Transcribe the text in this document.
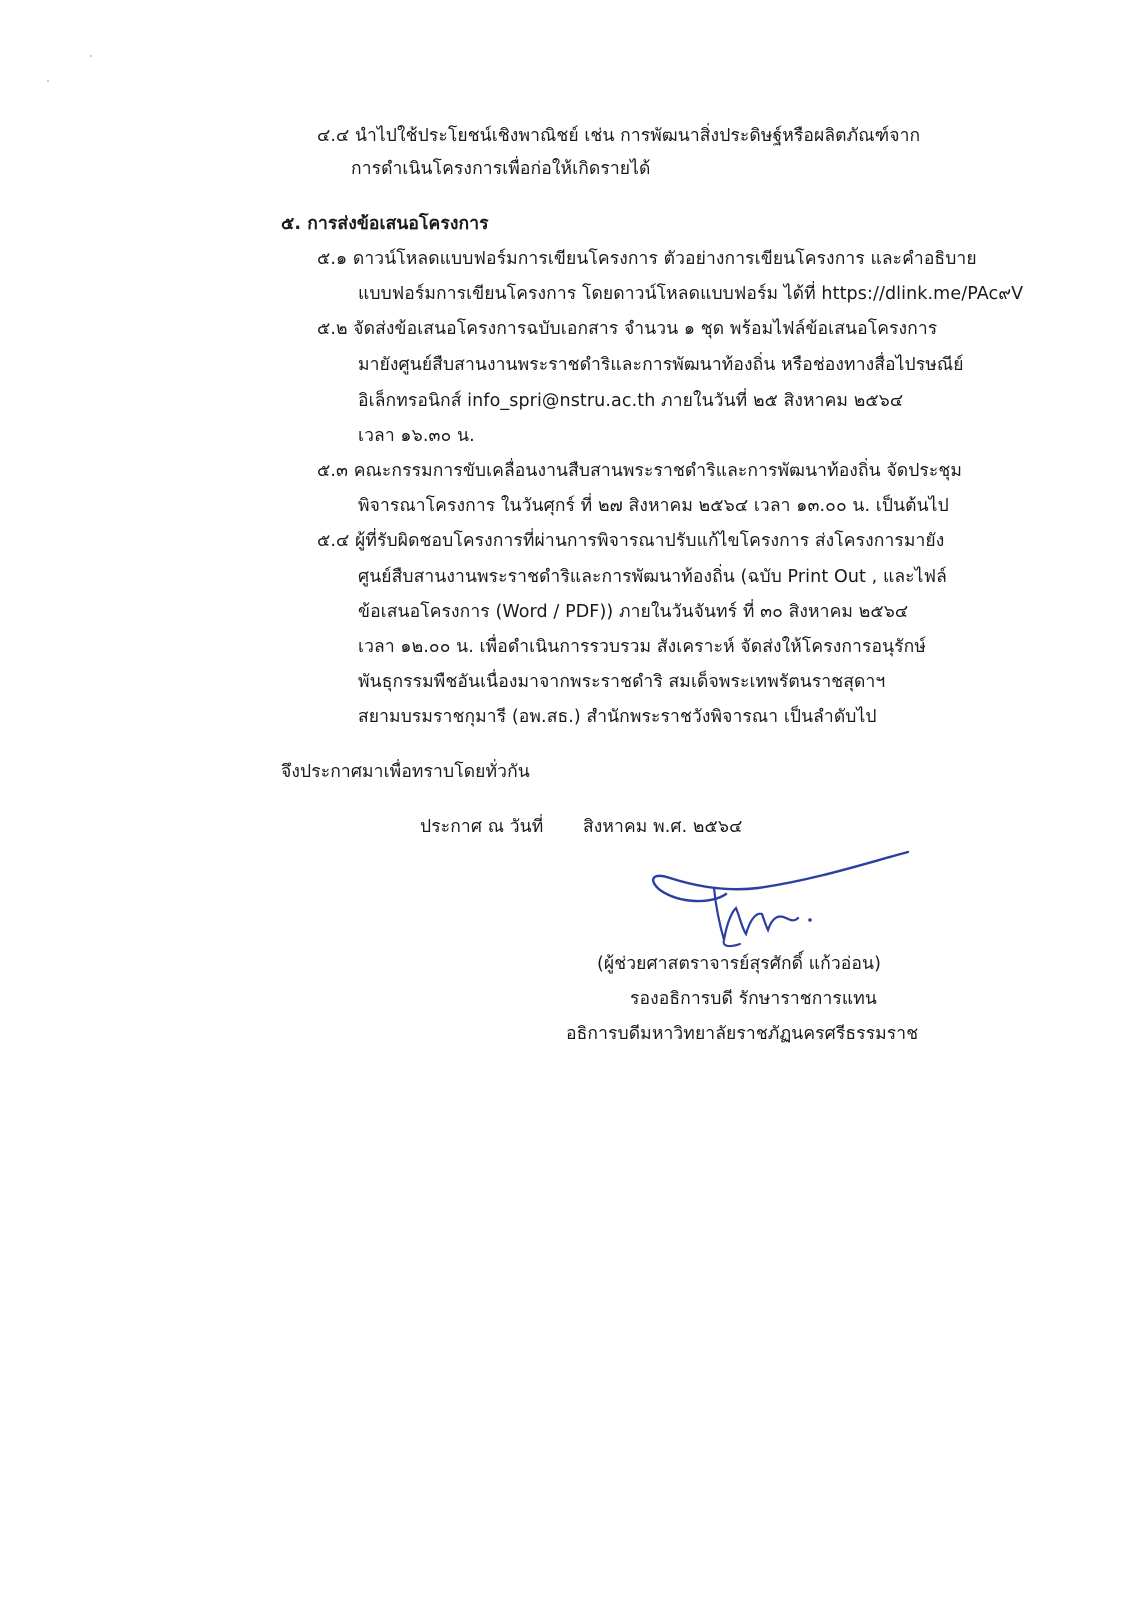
๔.๔ นำไปใช้ประโยชน์เชิงพาณิชย์ เช่น การพัฒนาสิ่งประดิษฐ์หรือผลิตภัณฑ์จาก
การดำเนินโครงการเพื่อก่อให้เกิดรายได้
๕. การส่งข้อเสนอโครงการ
๕.๑ ดาวน์โหลดแบบฟอร์มการเขียนโครงการ ตัวอย่างการเขียนโครงการ และคำอธิบาย
แบบฟอร์มการเขียนโครงการ โดยดาวน์โหลดแบบฟอร์ม ได้ที่ https://dlink.me/PAc๙V
๕.๒ จัดส่งข้อเสนอโครงการฉบับเอกสาร จำนวน ๑ ชุด พร้อมไฟล์ข้อเสนอโครงการ
มายังศูนย์สืบสานงานพระราชดำริและการพัฒนาท้องถิ่น หรือช่องทางสื่อไปรษณีย์
อิเล็กทรอนิกส์ info_spri@nstru.ac.th ภายในวันที่ ๒๕ สิงหาคม ๒๕๖๔
เวลา ๑๖.๓๐ น.
๕.๓ คณะกรรมการขับเคลื่อนงานสืบสานพระราชดำริและการพัฒนาท้องถิ่น จัดประชุม
พิจารณาโครงการ ในวันศุกร์ ที่ ๒๗ สิงหาคม ๒๕๖๔ เวลา ๑๓.๐๐ น. เป็นต้นไป
๕.๔ ผู้ที่รับผิดชอบโครงการที่ผ่านการพิจารณาปรับแก้ไขโครงการ ส่งโครงการมายัง
ศูนย์สืบสานงานพระราชดำริและการพัฒนาท้องถิ่น (ฉบับ Print Out , และไฟล์
ข้อเสนอโครงการ (Word / PDF)) ภายในวันจันทร์ ที่ ๓๐ สิงหาคม ๒๕๖๔
เวลา ๑๒.๐๐ น. เพื่อดำเนินการรวบรวม สังเคราะห์ จัดส่งให้โครงการอนุรักษ์
พันธุกรรมพืชอันเนื่องมาจากพระราชดำริ สมเด็จพระเทพรัตนราชสุดาฯ
สยามบรมราชกุมารี (อพ.สธ.) สำนักพระราชวังพิจารณา เป็นลำดับไป
จึงประกาศมาเพื่อทราบโดยทั่วกัน
ประกาศ ณ วันที่ สิงหาคม พ.ศ. ๒๕๖๔
(ผู้ช่วยศาสตราจารย์สุรศักดิ์ แก้วอ่อน)
รองอธิการบดี รักษาราชการแทน
อธิการบดีมหาวิทยาลัยราชภัฏนครศรีธรรมราช
